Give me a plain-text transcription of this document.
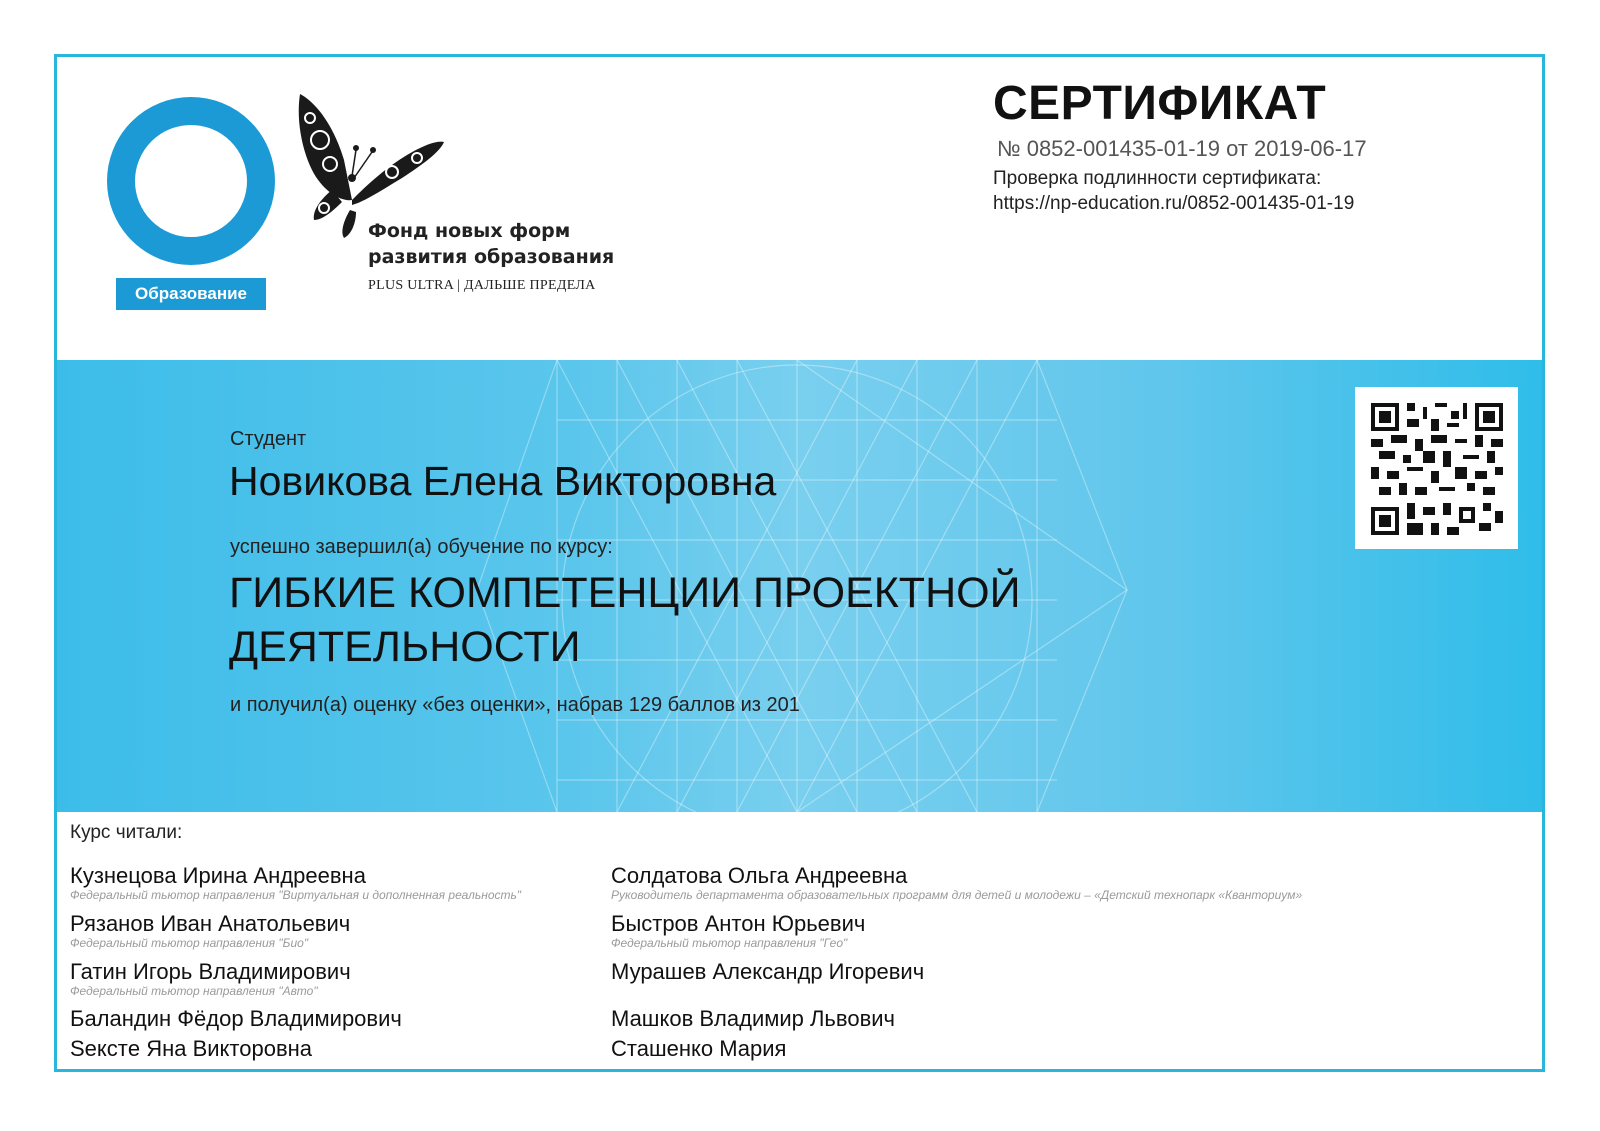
Образование
Фонд новых форм
развития образования
PLUS ULTRA | ДАЛЬШЕ ПРЕДЕЛА
СЕРТИФИКАТ
№ 0852-001435-01-19 от 2019-06-17
Проверка подлинности сертификата:
https://np-education.ru/0852-001435-01-19
Студент
Новикова Елена Викторовна
успешно завершил(а) обучение по курсу:
ГИБКИЕ КОМПЕТЕНЦИИ ПРОЕКТНОЙ
ДЕЯТЕЛЬНОСТИ
и получил(а) оценку «без оценки», набрав 129 баллов из 201
Курс читали:
Кузнецова Ирина Андреевна
Федеральный тьютор направления "Виртуальная и дополненная реальность"
Рязанов Иван Анатольевич
Федеральный тьютор направления "Био"
Гатин Игорь Владимирович
Федеральный тьютор направления "Авто"
Баландин Фёдор Владимирович
Sекстe Яна Викторовна
Солдатова Ольга Андреевна
Руководитель департамента образовательных программ для детей и молодежи – «Детский технопарк «Кванториум»
Быстров Антон Юрьевич
Федеральный тьютор направления "Гео"
Мурашев Александр Игоревич
Машков Владимир Львович
Сташенко Мария
